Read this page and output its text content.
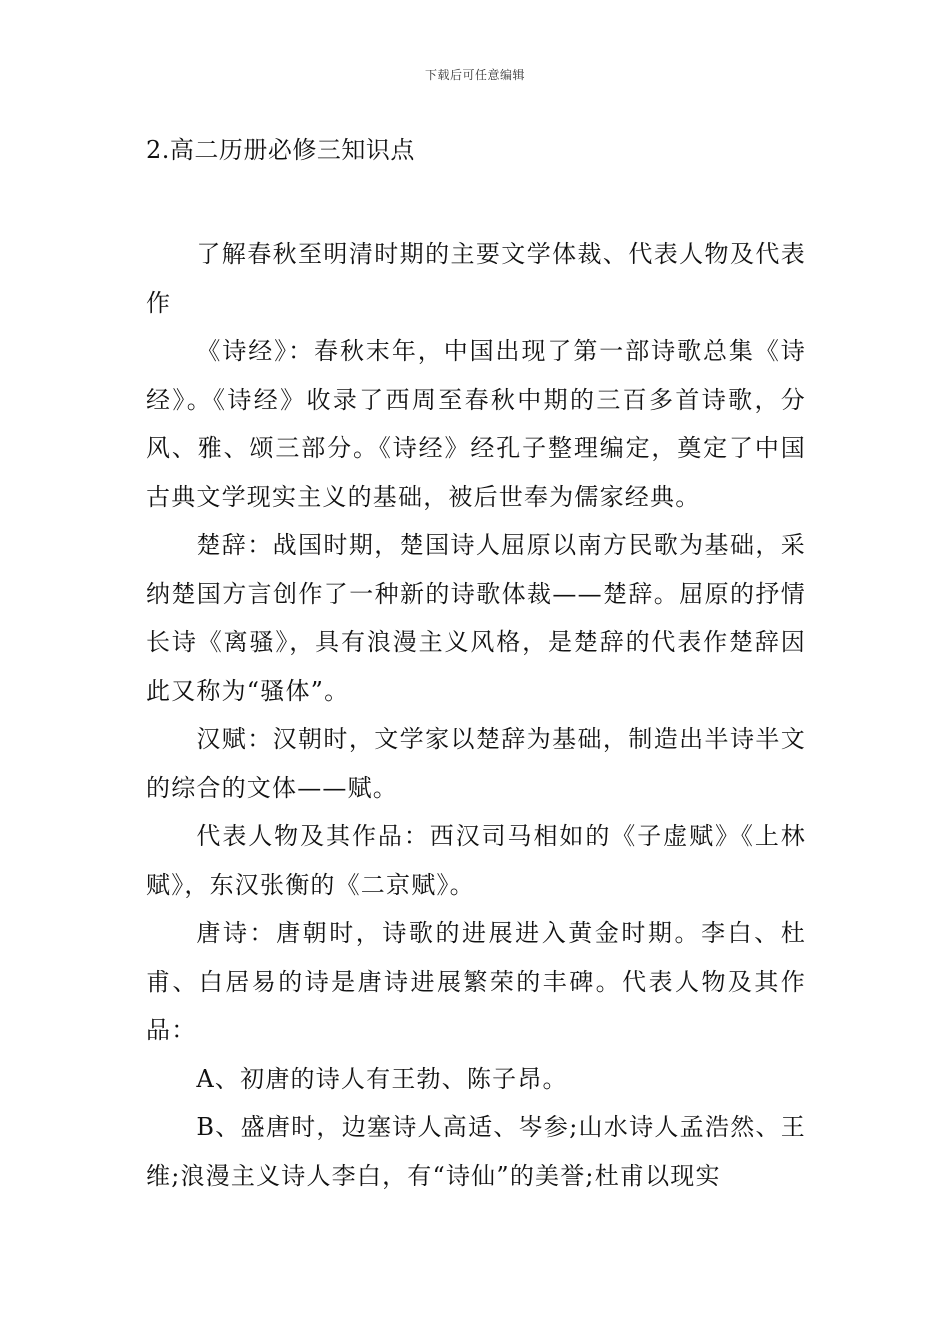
下载后可任意编辑
2.高二历册必修三知识点

了解春秋至明清时期的主要文学体裁、代表人物及代表作

《诗经》：春秋末年，中国出现了第一部诗歌总集《诗经》。《诗经》收录了西周至春秋中期的三百多首诗歌，分风、雅、颂三部分。《诗经》经孔子整理编定，奠定了中国古典文学现实主义的基础，被后世奉为儒家经典。

楚辞：战国时期，楚国诗人屈原以南方民歌为基础，采纳楚国方言创作了一种新的诗歌体裁——楚辞。屈原的抒情长诗《离骚》，具有浪漫主义风格，是楚辞的代表作楚辞因此又称为“骚体”。

汉赋：汉朝时，文学家以楚辞为基础，制造出半诗半文的综合的文体——赋。

代表人物及其作品：西汉司马相如的《子虚赋》《上林赋》，东汉张衡的《二京赋》。

唐诗：唐朝时，诗歌的进展进入黄金时期。李白、杜甫、白居易的诗是唐诗进展繁荣的丰碑。代表人物及其作品：

A、初唐的诗人有王勃、陈子昂。

B、盛唐时，边塞诗人高适、岑参;山水诗人孟浩然、王维;浪漫主义诗人李白，有“诗仙”的美誉;杜甫以现实
